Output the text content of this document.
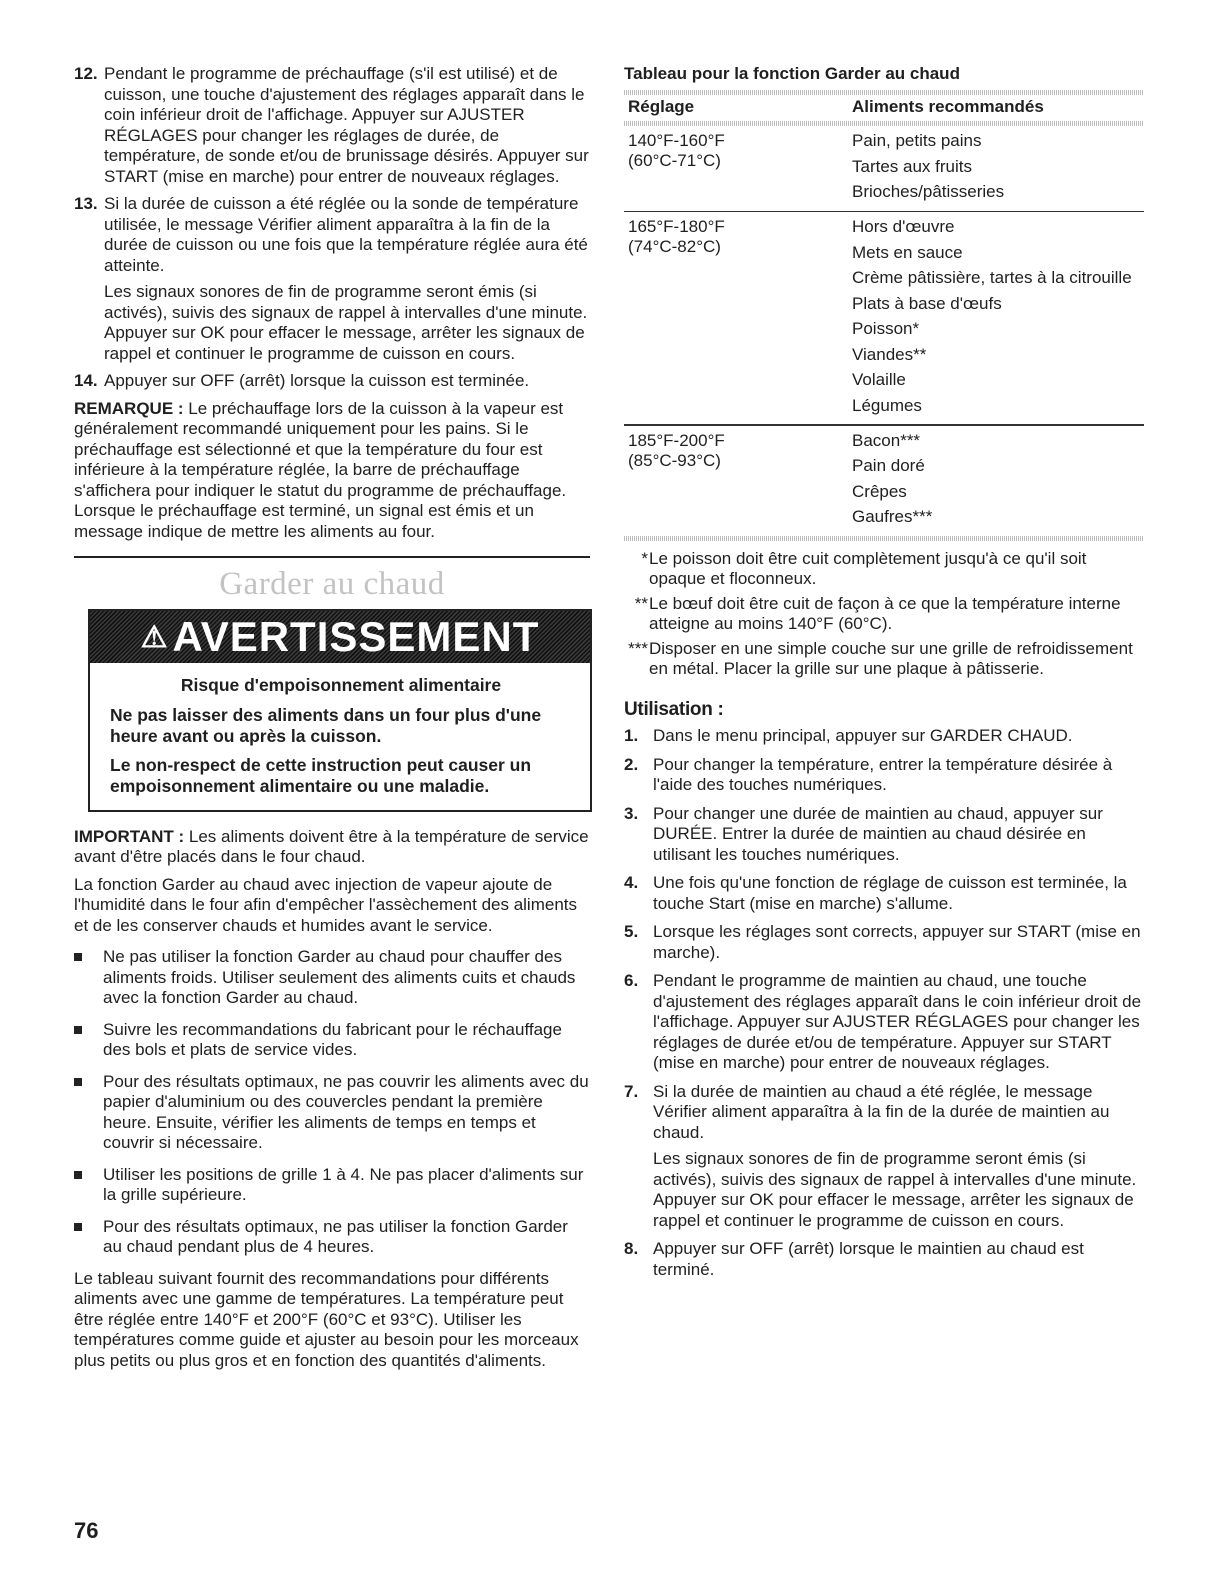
12. Pendant le programme de préchauffage (s'il est utilisé) et de cuisson, une touche d'ajustement des réglages apparaît dans le coin inférieur droit de l'affichage. Appuyer sur AJUSTER RÉGLAGES pour changer les réglages de durée, de température, de sonde et/ou de brunissage désirés. Appuyer sur START (mise en marche) pour entrer de nouveaux réglages.

13. Si la durée de cuisson a été réglée ou la sonde de température utilisée, le message Vérifier aliment apparaîtra à la fin de la durée de cuisson ou une fois que la température réglée aura été atteinte.

Les signaux sonores de fin de programme seront émis (si activés), suivis des signaux de rappel à intervalles d'une minute. Appuyer sur OK pour effacer le message, arrêter les signaux de rappel et continuer le programme de cuisson en cours.

14. Appuyer sur OFF (arrêt) lorsque la cuisson est terminée.

REMARQUE : Le préchauffage lors de la cuisson à la vapeur est généralement recommandé uniquement pour les pains. Si le préchauffage est sélectionné et que la température du four est inférieure à la température réglée, la barre de préchauffage s'affichera pour indiquer le statut du programme de préchauffage. Lorsque le préchauffage est terminé, un signal est émis et un message indique de mettre les aliments au four.

Garder au chaud
⚠AVERTISSEMENT
Risque d'empoisonnement alimentaire
Ne pas laisser des aliments dans un four plus d'une heure avant ou après la cuisson.
Le non-respect de cette instruction peut causer un empoisonnement alimentaire ou une maladie.

IMPORTANT : Les aliments doivent être à la température de service avant d'être placés dans le four chaud.

La fonction Garder au chaud avec injection de vapeur ajoute de l'humidité dans le four afin d'empêcher l'assèchement des aliments et de les conserver chauds et humides avant le service.

Ne pas utiliser la fonction Garder au chaud pour chauffer des aliments froids. Utiliser seulement des aliments cuits et chauds avec la fonction Garder au chaud.
Suivre les recommandations du fabricant pour le réchauffage des bols et plats de service vides.
Pour des résultats optimaux, ne pas couvrir les aliments avec du papier d'aluminium ou des couvercles pendant la première heure. Ensuite, vérifier les aliments de temps en temps et couvrir si nécessaire.
Utiliser les positions de grille 1 à 4. Ne pas placer d'aliments sur la grille supérieure.
Pour des résultats optimaux, ne pas utiliser la fonction Garder au chaud pendant plus de 4 heures.

Le tableau suivant fournit des recommandations pour différents aliments avec une gamme de températures. La température peut être réglée entre 140°F et 200°F (60°C et 93°C). Utiliser les températures comme guide et ajuster au besoin pour les morceaux plus petits ou plus gros et en fonction des quantités d'aliments.

Tableau pour la fonction Garder au chaud
Réglage	Aliments recommandés
140°F-160°F
(60°C-71°C)
Pain, petits pains
Tartes aux fruits
Brioches/pâtisseries
165°F-180°F
(74°C-82°C)
Hors d'œuvre
Mets en sauce
Crème pâtissière, tartes à la citrouille
Plats à base d'œufs
Poisson*
Viandes**
Volaille
Légumes
185°F-200°F
(85°C-93°C)
Bacon***
Pain doré
Crêpes
Gaufres***
* Le poisson doit être cuit complètement jusqu'à ce qu'il soit opaque et floconneux.
** Le bœuf doit être cuit de façon à ce que la température interne atteigne au moins 140°F (60°C).
*** Disposer en une simple couche sur une grille de refroidissement en métal. Placer la grille sur une plaque à pâtisserie.
Utilisation :
1. Dans le menu principal, appuyer sur GARDER CHAUD.

2. Pour changer la température, entrer la température désirée à l'aide des touches numériques.

3. Pour changer une durée de maintien au chaud, appuyer sur DURÉE. Entrer la durée de maintien au chaud désirée en utilisant les touches numériques.

4. Une fois qu'une fonction de réglage de cuisson est terminée, la touche Start (mise en marche) s'allume.

5. Lorsque les réglages sont corrects, appuyer sur START (mise en marche).

6. Pendant le programme de maintien au chaud, une touche d'ajustement des réglages apparaît dans le coin inférieur droit de l'affichage. Appuyer sur AJUSTER RÉGLAGES pour changer les réglages de durée et/ou de température. Appuyer sur START (mise en marche) pour entrer de nouveaux réglages.

7. Si la durée de maintien au chaud a été réglée, le message Vérifier aliment apparaîtra à la fin de la durée de maintien au chaud.

Les signaux sonores de fin de programme seront émis (si activés), suivis des signaux de rappel à intervalles d'une minute. Appuyer sur OK pour effacer le message, arrêter les signaux de rappel et continuer le programme de cuisson en cours.

8. Appuyer sur OFF (arrêt) lorsque le maintien au chaud est terminé.

76
